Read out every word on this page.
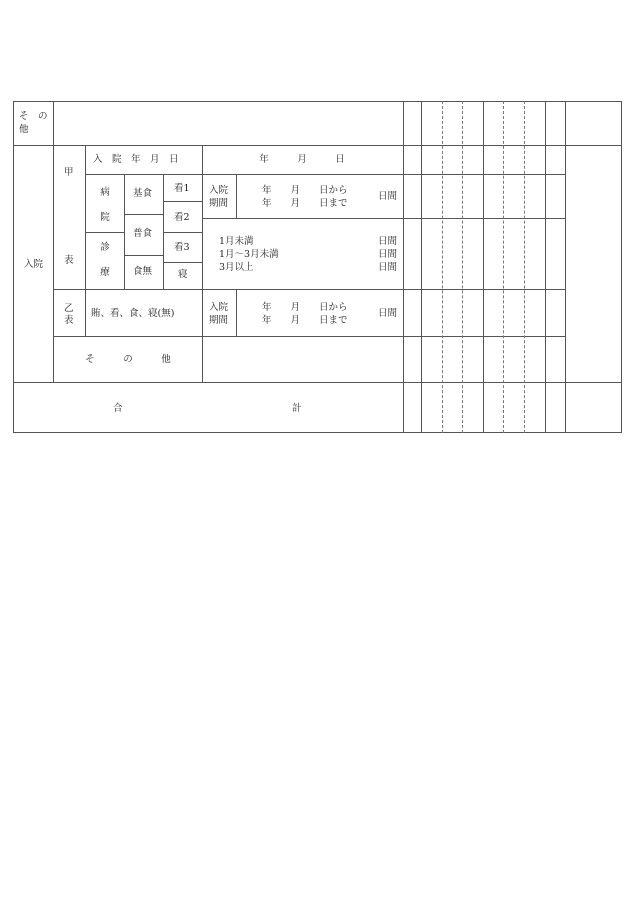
そ　の
他
入院
甲
表
入　院　年　月　日	年　　　月　　　日
病
院
診
療
基食
普食
食無
看1
看2
看3
寝
入院
期間
年　　月　　日から
年　　月　　日まで
日間
1月未満
1月～3月未満
3月以上
日間
日間
日間
乙
表
賄、看、食、寝(無)
入院
期間
年　　月　　日から
年　　月　　日まで
日間
そ　　　の　　　他
合	計
